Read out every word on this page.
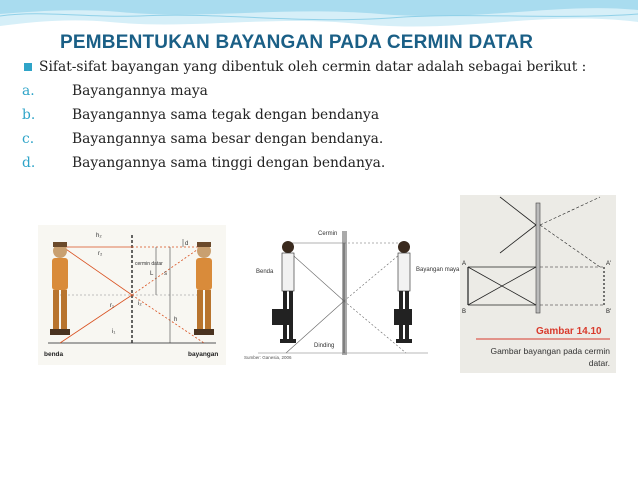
PEMBENTUKAN BAYANGAN PADA CERMIN DATAR
Sifat-sifat bayangan yang dibentuk oleh cermin datar adalah sebagai berikut :
a.	Bayangannya maya
b.	Bayangannya sama tegak dengan bendanya
c.	Bayangannya sama besar dengan bendanya.
d.	Bayangannya sama tinggi dengan bendanya.
h₂
r₂
cermin datar
L s
h
d
r₁
i₁
i₂
benda	bayangan
Cermin
Benda	Bayangan maya
Dinding
Sumber: Ganesia, 2006
A
B
A'
B'
Gambar 14.10
Gambar bayangan pada cermin datar.
